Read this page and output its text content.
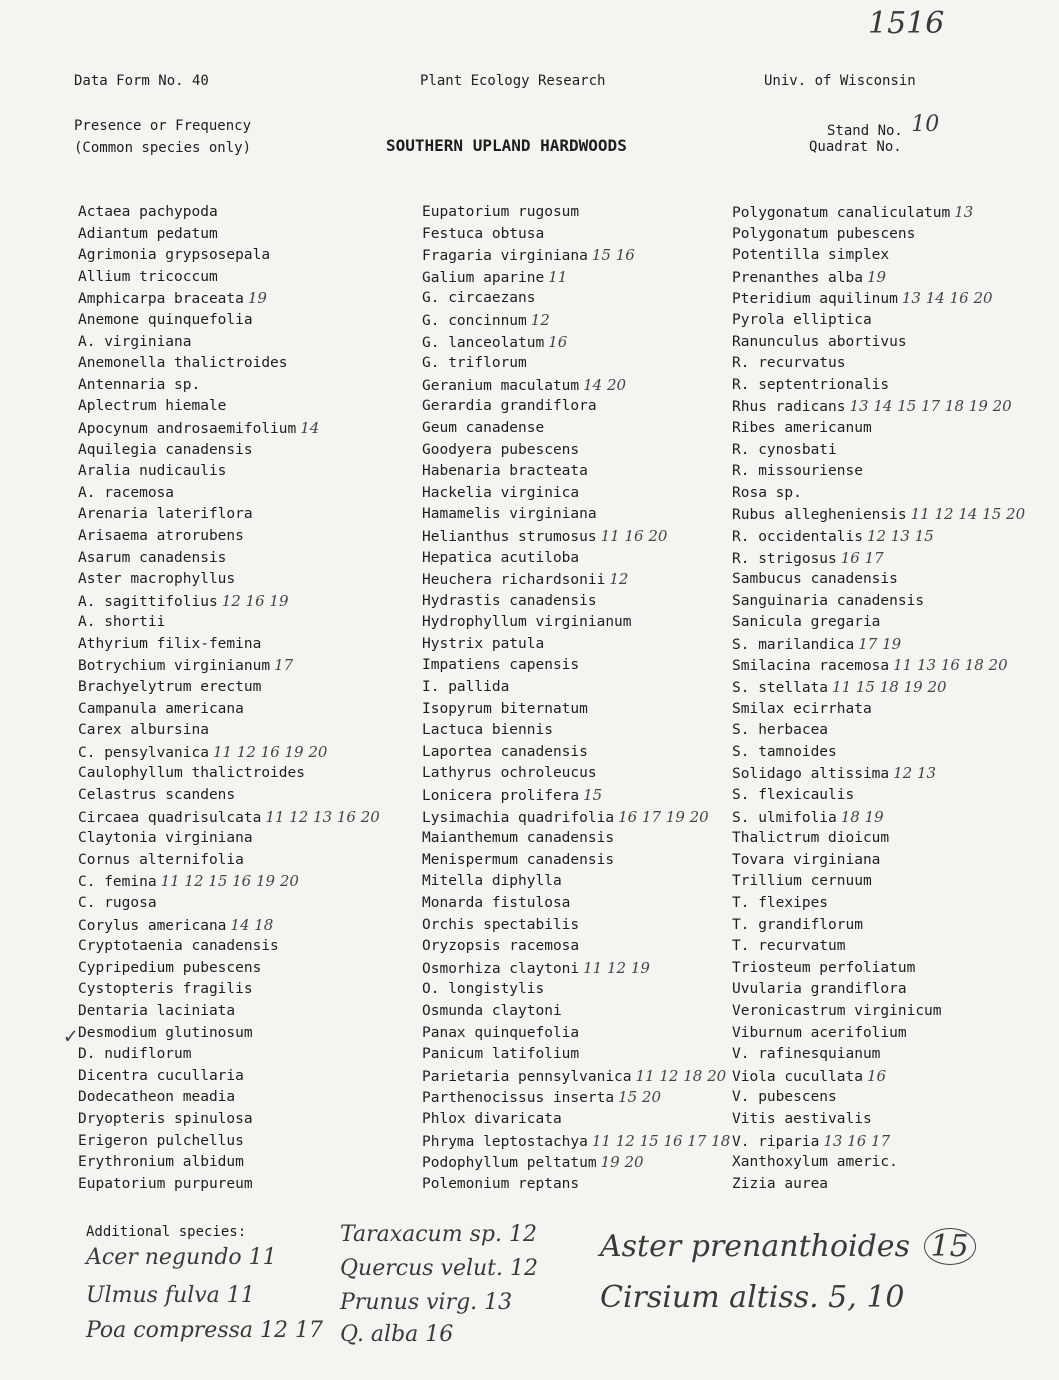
1516
Data Form No. 40	Plant Ecology Research	Univ. of Wisconsin
Presence or Frequency
(Common species only)	SOUTHERN UPLAND HARDWOODS
Stand No. 10
Quadrat No.
Actaea pachypoda
Adiantum pedatum
Agrimonia grypsosepala
Allium tricoccum
Amphicarpa braceata 19
Anemone quinquefolia
A. virginiana
Anemonella thalictroides
Antennaria sp.
Aplectrum hiemale
Apocynum androsaemifolium 14
Aquilegia canadensis
Aralia nudicaulis
A. racemosa
Arenaria lateriflora
Arisaema atrorubens
Asarum canadensis
Aster macrophyllus
A. sagittifolius 12 16 19
A. shortii
Athyrium filix-femina
Botrychium virginianum 17
Brachyelytrum erectum
Campanula americana
Carex albursina
C. pensylvanica 11 12 16 19 20
Caulophyllum thalictroides
Celastrus scandens
Circaea quadrisulcata 11 12 13 16 20
Claytonia virginiana
Cornus alternifolia
C. femina 11 12 15 16 19 20
C. rugosa
Corylus americana 14 18
Cryptotaenia canadensis
Cypripedium pubescens
Cystopteris fragilis
Dentaria laciniata
Desmodium glutinosum
D. nudiflorum
Dicentra cucullaria
Dodecatheon meadia
Dryopteris spinulosa
Erigeron pulchellus
Erythronium albidum
Eupatorium purpureum
Eupatorium rugosum
Festuca obtusa
Fragaria virginiana 15 16
Galium aparine 11
G. circaezans
G. concinnum 12
G. lanceolatum 16
G. triflorum
Geranium maculatum 14 20
Gerardia grandiflora
Geum canadense
Goodyera pubescens
Habenaria bracteata
Hackelia virginica
Hamamelis virginiana
Helianthus strumosus 11 16 20
Hepatica acutiloba
Heuchera richardsonii 12
Hydrastis canadensis
Hydrophyllum virginianum
Hystrix patula
Impatiens capensis
I. pallida
Isopyrum biternatum
Lactuca biennis
Laportea canadensis
Lathyrus ochroleucus
Lonicera prolifera 15
Lysimachia quadrifolia 16 17 19 20
Maianthemum canadensis
Menispermum canadensis
Mitella diphylla
Monarda fistulosa
Orchis spectabilis
Oryzopsis racemosa
Osmorhiza claytoni 11 12 19
O. longistylis
Osmunda claytoni
Panax quinquefolia
Panicum latifolium
Parietaria pennsylvanica 11 12 18 20
Parthenocissus inserta 15 20
Phlox divaricata
Phryma leptostachya 11 12 15 16 17 18
Podophyllum peltatum 19 20
Polemonium reptans
Polygonatum canaliculatum 13
Polygonatum pubescens
Potentilla simplex
Prenanthes alba 19
Pteridium aquilinum 13 14 16 20
Pyrola elliptica
Ranunculus abortivus
R. recurvatus
R. septentrionalis
Rhus radicans 13 14 15 17 18 19 20
Ribes americanum
R. cynosbati
R. missouriense
Rosa sp.
Rubus allegheniensis 11 12 14 15 20
R. occidentalis 12 13 15
R. strigosus 16 17
Sambucus canadensis
Sanguinaria canadensis
Sanicula gregaria
S. marilandica 17 19
Smilacina racemosa 11 13 16 18 20
S. stellata 11 15 18 19 20
Smilax ecirrhata
S. herbacea
S. tamnoides
Solidago altissima 12 13
S. flexicaulis
S. ulmifolia 18 19
Thalictrum dioicum
Tovara virginiana
Trillium cernuum
T. flexipes
T. grandiflorum
T. recurvatum
Triosteum perfoliatum
Uvularia grandiflora
Veronicastrum virginicum
Viburnum acerifolium
V. rafinesquianum
Viola cucullata 16
V. pubescens
Vitis aestivalis
V. riparia 13 16 17
Xanthoxylum americ.
Zizia aurea
✓
Additional species:
Acer negundo 11
Ulmus fulva 11
Poa compressa 12 17
Taraxacum sp. 12
Quercus velut. 12
Prunus virg. 13
Q. alba 16
Aster prenanthoides 15
Cirsium altiss. 5, 10
